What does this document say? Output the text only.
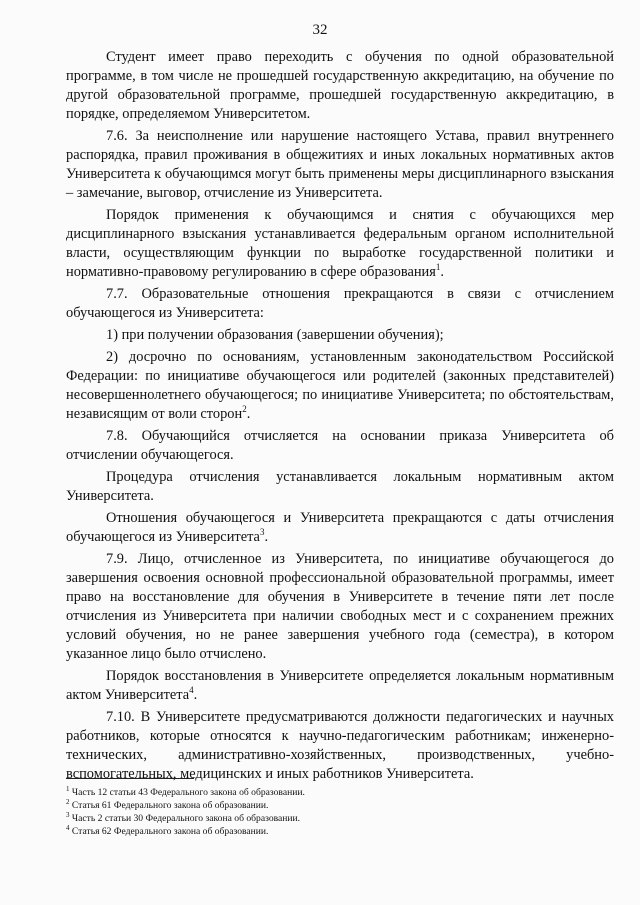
32

Студент имеет право переходить с обучения по одной образовательной программе, в том числе не прошедшей государственную аккредитацию, на обучение по другой образовательной программе, прошедшей государственную аккредитацию, в порядке, определяемом Университетом.

7.6. За неисполнение или нарушение настоящего Устава, правил внутреннего распорядка, правил проживания в общежитиях и иных локальных нормативных актов Университета к обучающимся могут быть применены меры дисциплинарного взыскания – замечание, выговор, отчисление из Университета.

Порядок применения к обучающимся и снятия с обучающихся мер дисциплинарного взыскания устанавливается федеральным органом исполнительной власти, осуществляющим функции по выработке государственной политики и нормативно-правовому регулированию в сфере образования$^1$.

7.7. Образовательные отношения прекращаются в связи с отчислением обучающегося из Университета:

1) при получении образования (завершении обучения);

2) досрочно по основаниям, установленным законодательством Российской Федерации: по инициативе обучающегося или родителей (законных представителей) несовершеннолетнего обучающегося; по инициативе Университета; по обстоятельствам, независящим от воли сторон$^2$.

7.8. Обучающийся отчисляется на основании приказа Университета об отчислении обучающегося.

Процедура отчисления устанавливается локальным нормативным актом Университета.

Отношения обучающегося и Университета прекращаются с даты отчисления обучающегося из Университета$^3$.

7.9. Лицо, отчисленное из Университета, по инициативе обучающегося до завершения освоения основной профессиональной образовательной программы, имеет право на восстановление для обучения в Университете в течение пяти лет после отчисления из Университета при наличии свободных мест и с сохранением прежних условий обучения, но не ранее завершения учебного года (семестра), в котором указанное лицо было отчислено.

Порядок восстановления в Университете определяется локальным нормативным актом Университета$^4$.

7.10. В Университете предусматриваются должности педагогических и научных работников, которые относятся к научно-педагогическим работникам; инженерно-технических, административно-хозяйственных, производственных, учебно-вспомогательных, медицинских и иных работников Университета.

$^1$ Часть 12 статьи 43 Федерального закона об образовании.
$^2$ Статья 61 Федерального закона об образовании.
$^3$ Часть 2 статьи 30 Федерального закона об образовании.
$^4$ Статья 62 Федерального закона об образовании.
